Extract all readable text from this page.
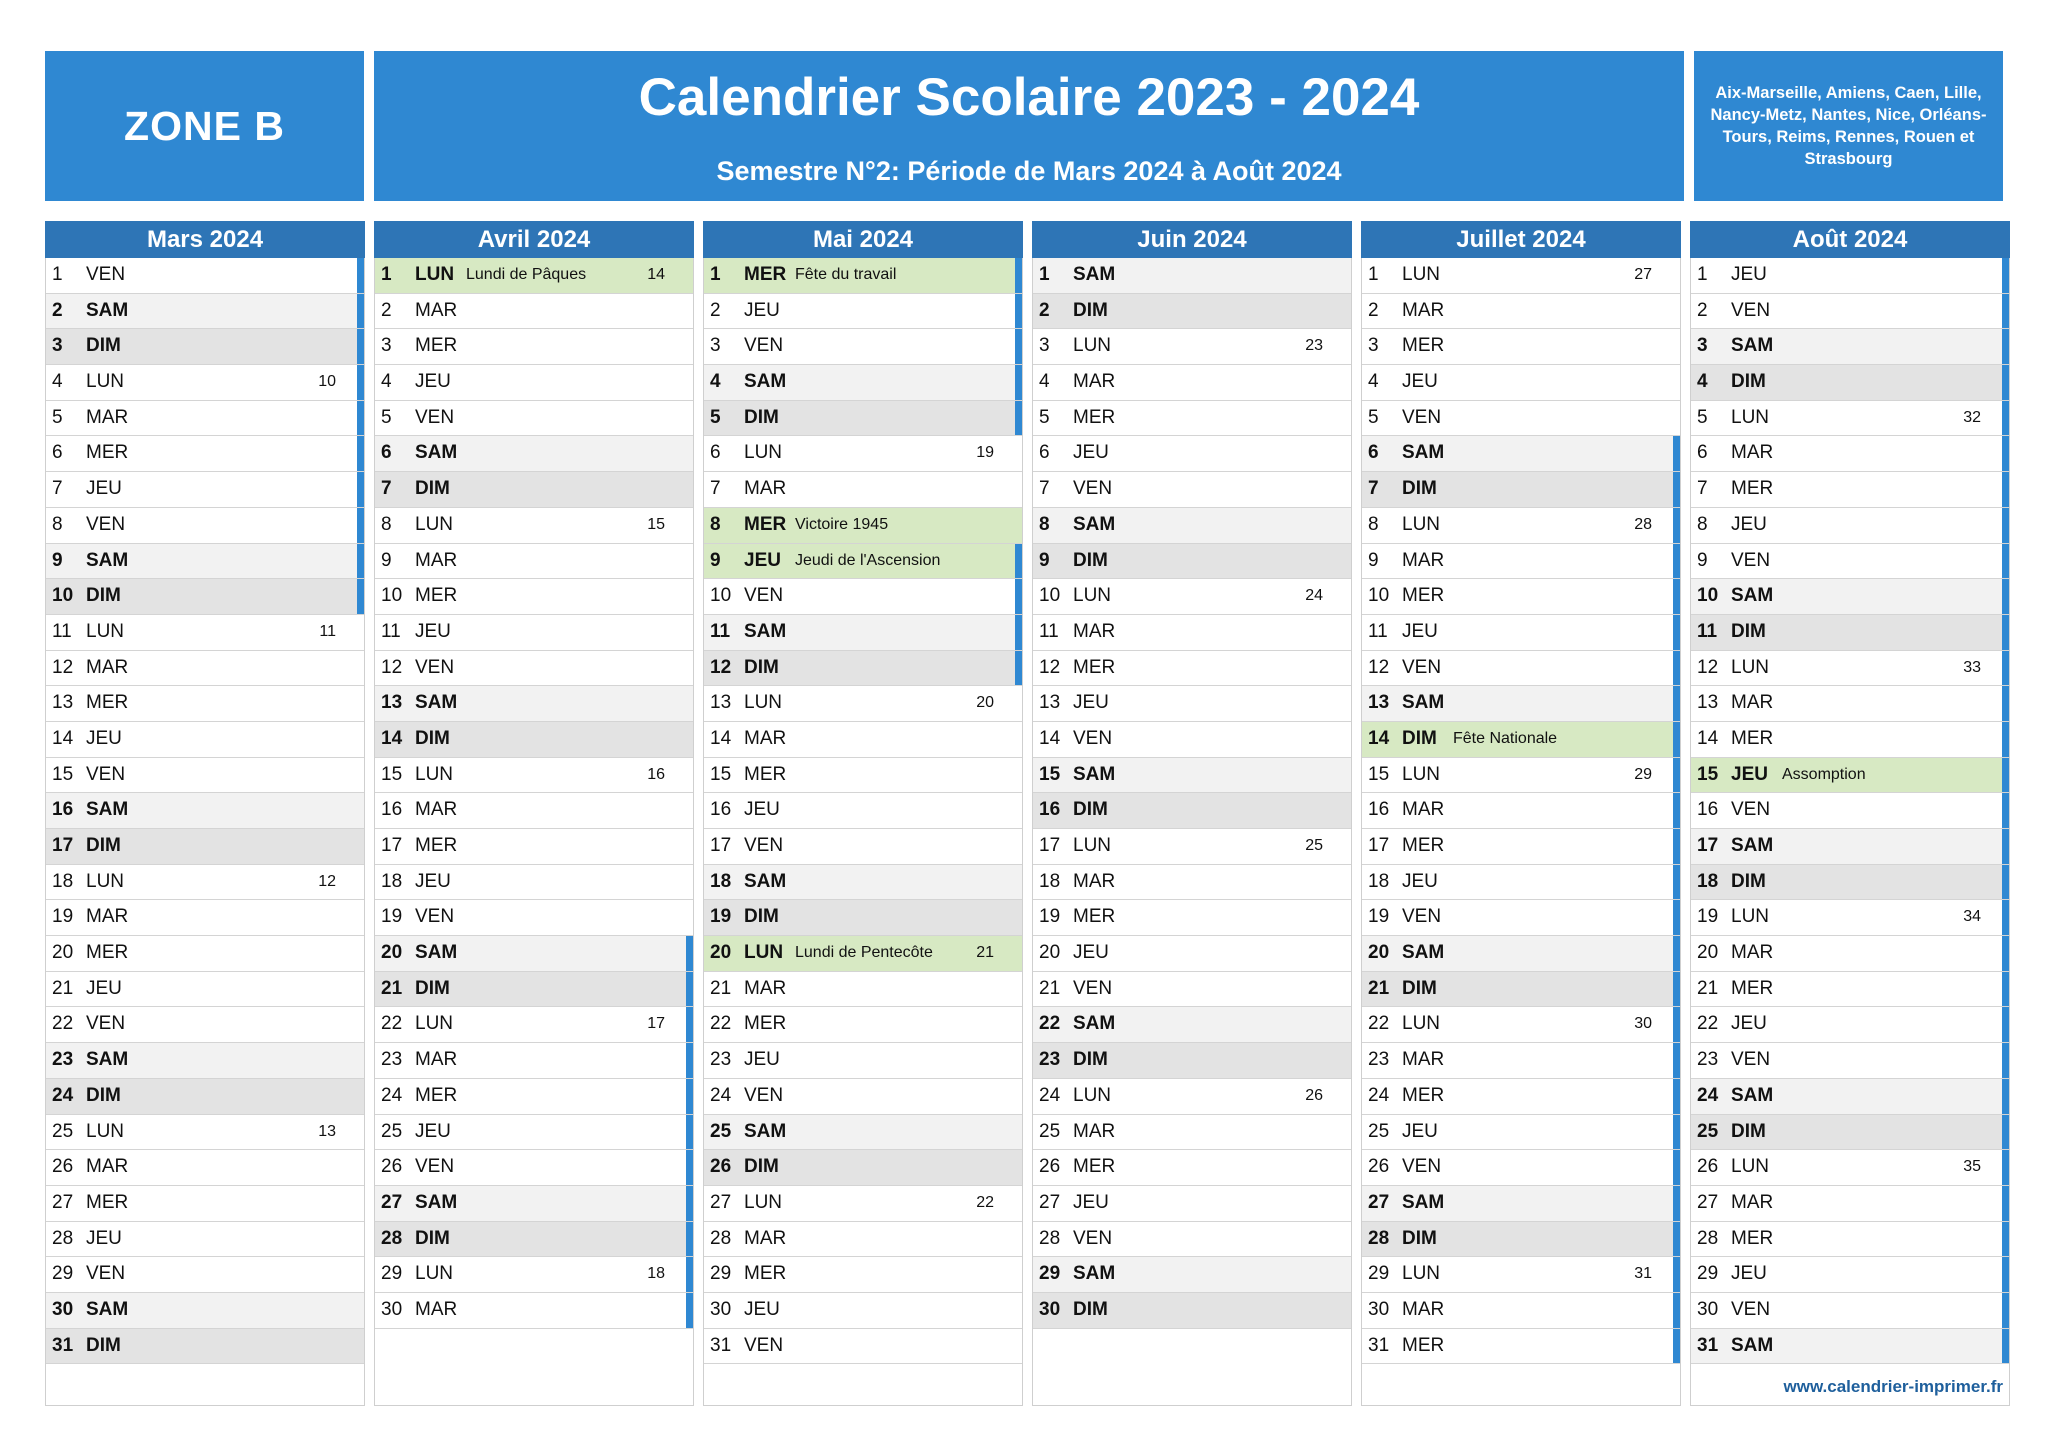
ZONE B	Calendrier Scolaire 2023 - 2024
Semestre N°2: Période de Mars 2024 à Août 2024
Aix-Marseille, Amiens, Caen, Lille, Nancy-Metz, Nantes, Nice, Orléans-Tours, Reims, Rennes, Rouen et Strasbourg
Mars 2024
1 VEN
2 SAM
3 DIM
4 LUN	10
5 MAR
6 MER
7 JEU
8 VEN
9 SAM
10 DIM
11 LUN	11
12 MAR
13 MER
14 JEU
15 VEN
16 SAM
17 DIM
18 LUN	12
19 MAR
20 MER
21 JEU
22 VEN
23 SAM
24 DIM
25 LUN	13
26 MAR
27 MER
28 JEU
29 VEN
30 SAM
31 DIM
Avril 2024
1 LUN Lundi de Pâques	14
2 MAR
3 MER
4 JEU
5 VEN
6 SAM
7 DIM
8 LUN	15
9 MAR
10 MER
11 JEU
12 VEN
13 SAM
14 DIM
15 LUN	16
16 MAR
17 MER
18 JEU
19 VEN
20 SAM
21 DIM
22 LUN	17
23 MAR
24 MER
25 JEU
26 VEN
27 SAM
28 DIM
29 LUN	18
30 MAR
Mai 2024
1 MER Fête du travail
2 JEU
3 VEN
4 SAM
5 DIM
6 LUN	19
7 MAR
8 MER Victoire 1945
9 JEU Jeudi de l'Ascension
10 VEN
11 SAM
12 DIM
13 LUN	20
14 MAR
15 MER
16 JEU
17 VEN
18 SAM
19 DIM
20 LUN Lundi de Pentecôte	21
21 MAR
22 MER
23 JEU
24 VEN
25 SAM
26 DIM
27 LUN	22
28 MAR
29 MER
30 JEU
31 VEN
Juin 2024
1 SAM
2 DIM
3 LUN	23
4 MAR
5 MER
6 JEU
7 VEN
8 SAM
9 DIM
10 LUN	24
11 MAR
12 MER
13 JEU
14 VEN
15 SAM
16 DIM
17 LUN	25
18 MAR
19 MER
20 JEU
21 VEN
22 SAM
23 DIM
24 LUN	26
25 MAR
26 MER
27 JEU
28 VEN
29 SAM
30 DIM
Juillet 2024
1 LUN	27
2 MAR
3 MER
4 JEU
5 VEN
6 SAM
7 DIM
8 LUN	28
9 MAR
10 MER
11 JEU
12 VEN
13 SAM
14 DIM Fête Nationale
15 LUN	29
16 MAR
17 MER
18 JEU
19 VEN
20 SAM
21 DIM
22 LUN	30
23 MAR
24 MER
25 JEU
26 VEN
27 SAM
28 DIM
29 LUN	31
30 MAR
31 MER
Août 2024
1 JEU
2 VEN
3 SAM
4 DIM
5 LUN	32
6 MAR
7 MER
8 JEU
9 VEN
10 SAM
11 DIM
12 LUN	33
13 MAR
14 MER
15 JEU Assomption
16 VEN
17 SAM
18 DIM
19 LUN	34
20 MAR
21 MER
22 JEU
23 VEN
24 SAM
25 DIM
26 LUN	35
27 MAR
28 MER
29 JEU
30 VEN
31 SAM
www.calendrier-imprimer.fr
